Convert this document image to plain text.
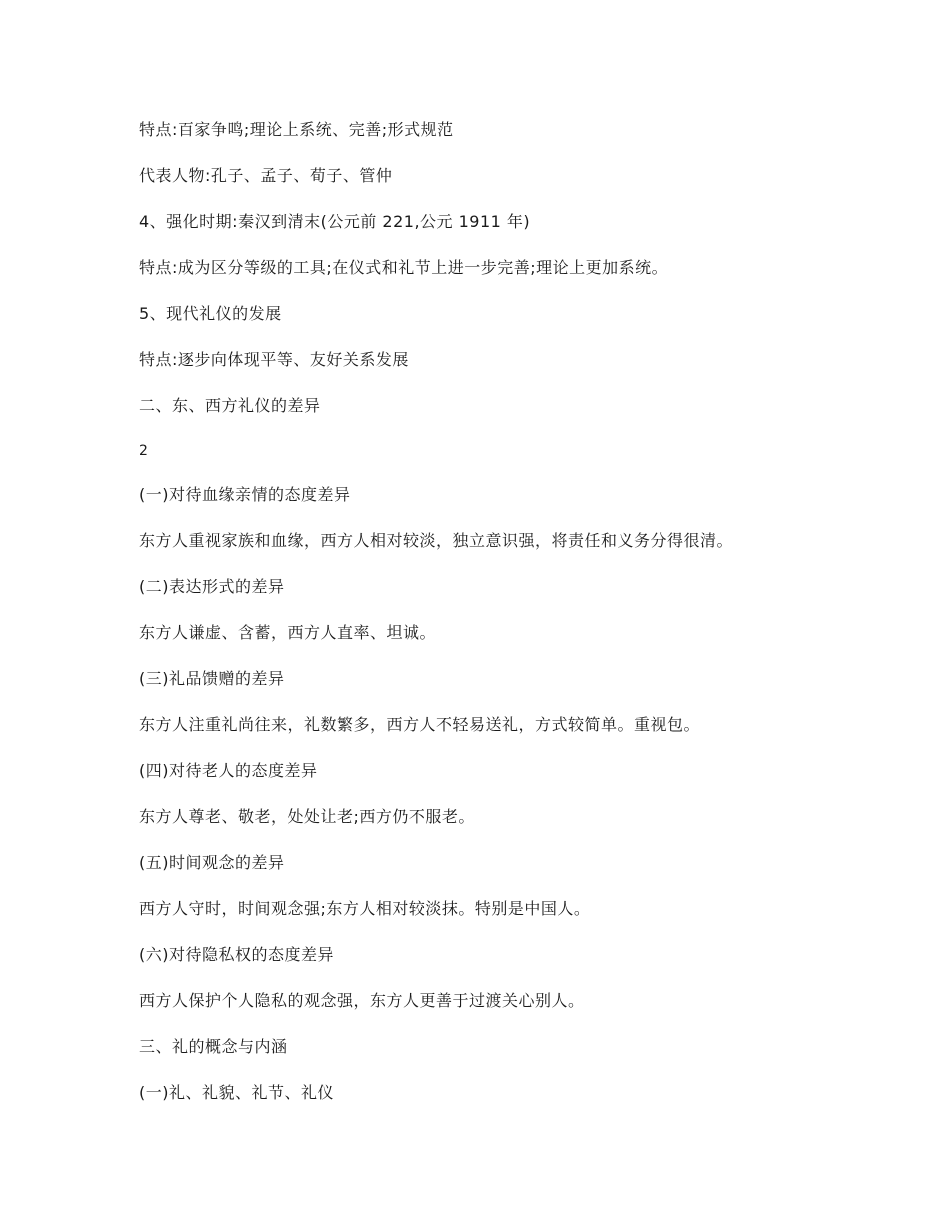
特点:百家争鸣;理论上系统、完善;形式规范
代表人物:孔子、孟子、荀子、管仲
4、强化时期:秦汉到清末(公元前 221,公元 1911 年)
特点:成为区分等级的工具;在仪式和礼节上进一步完善;理论上更加系统。
5、现代礼仪的发展
特点:逐步向体现平等、友好关系发展
二、东、西方礼仪的差异
2
(一)对待血缘亲情的态度差异
东方人重视家族和血缘，西方人相对较淡，独立意识强，将责任和义务分得很清。
(二)表达形式的差异
东方人谦虚、含蓄，西方人直率、坦诚。
(三)礼品馈赠的差异
东方人注重礼尚往来，礼数繁多，西方人不轻易送礼，方式较简单。重视包。
(四)对待老人的态度差异
东方人尊老、敬老，处处让老;西方仍不服老。
(五)时间观念的差异
西方人守时，时间观念强;东方人相对较淡抹。特别是中国人。
(六)对待隐私权的态度差异
西方人保护个人隐私的观念强，东方人更善于过渡关心别人。
三、礼的概念与内涵
(一)礼、礼貌、礼节、礼仪
